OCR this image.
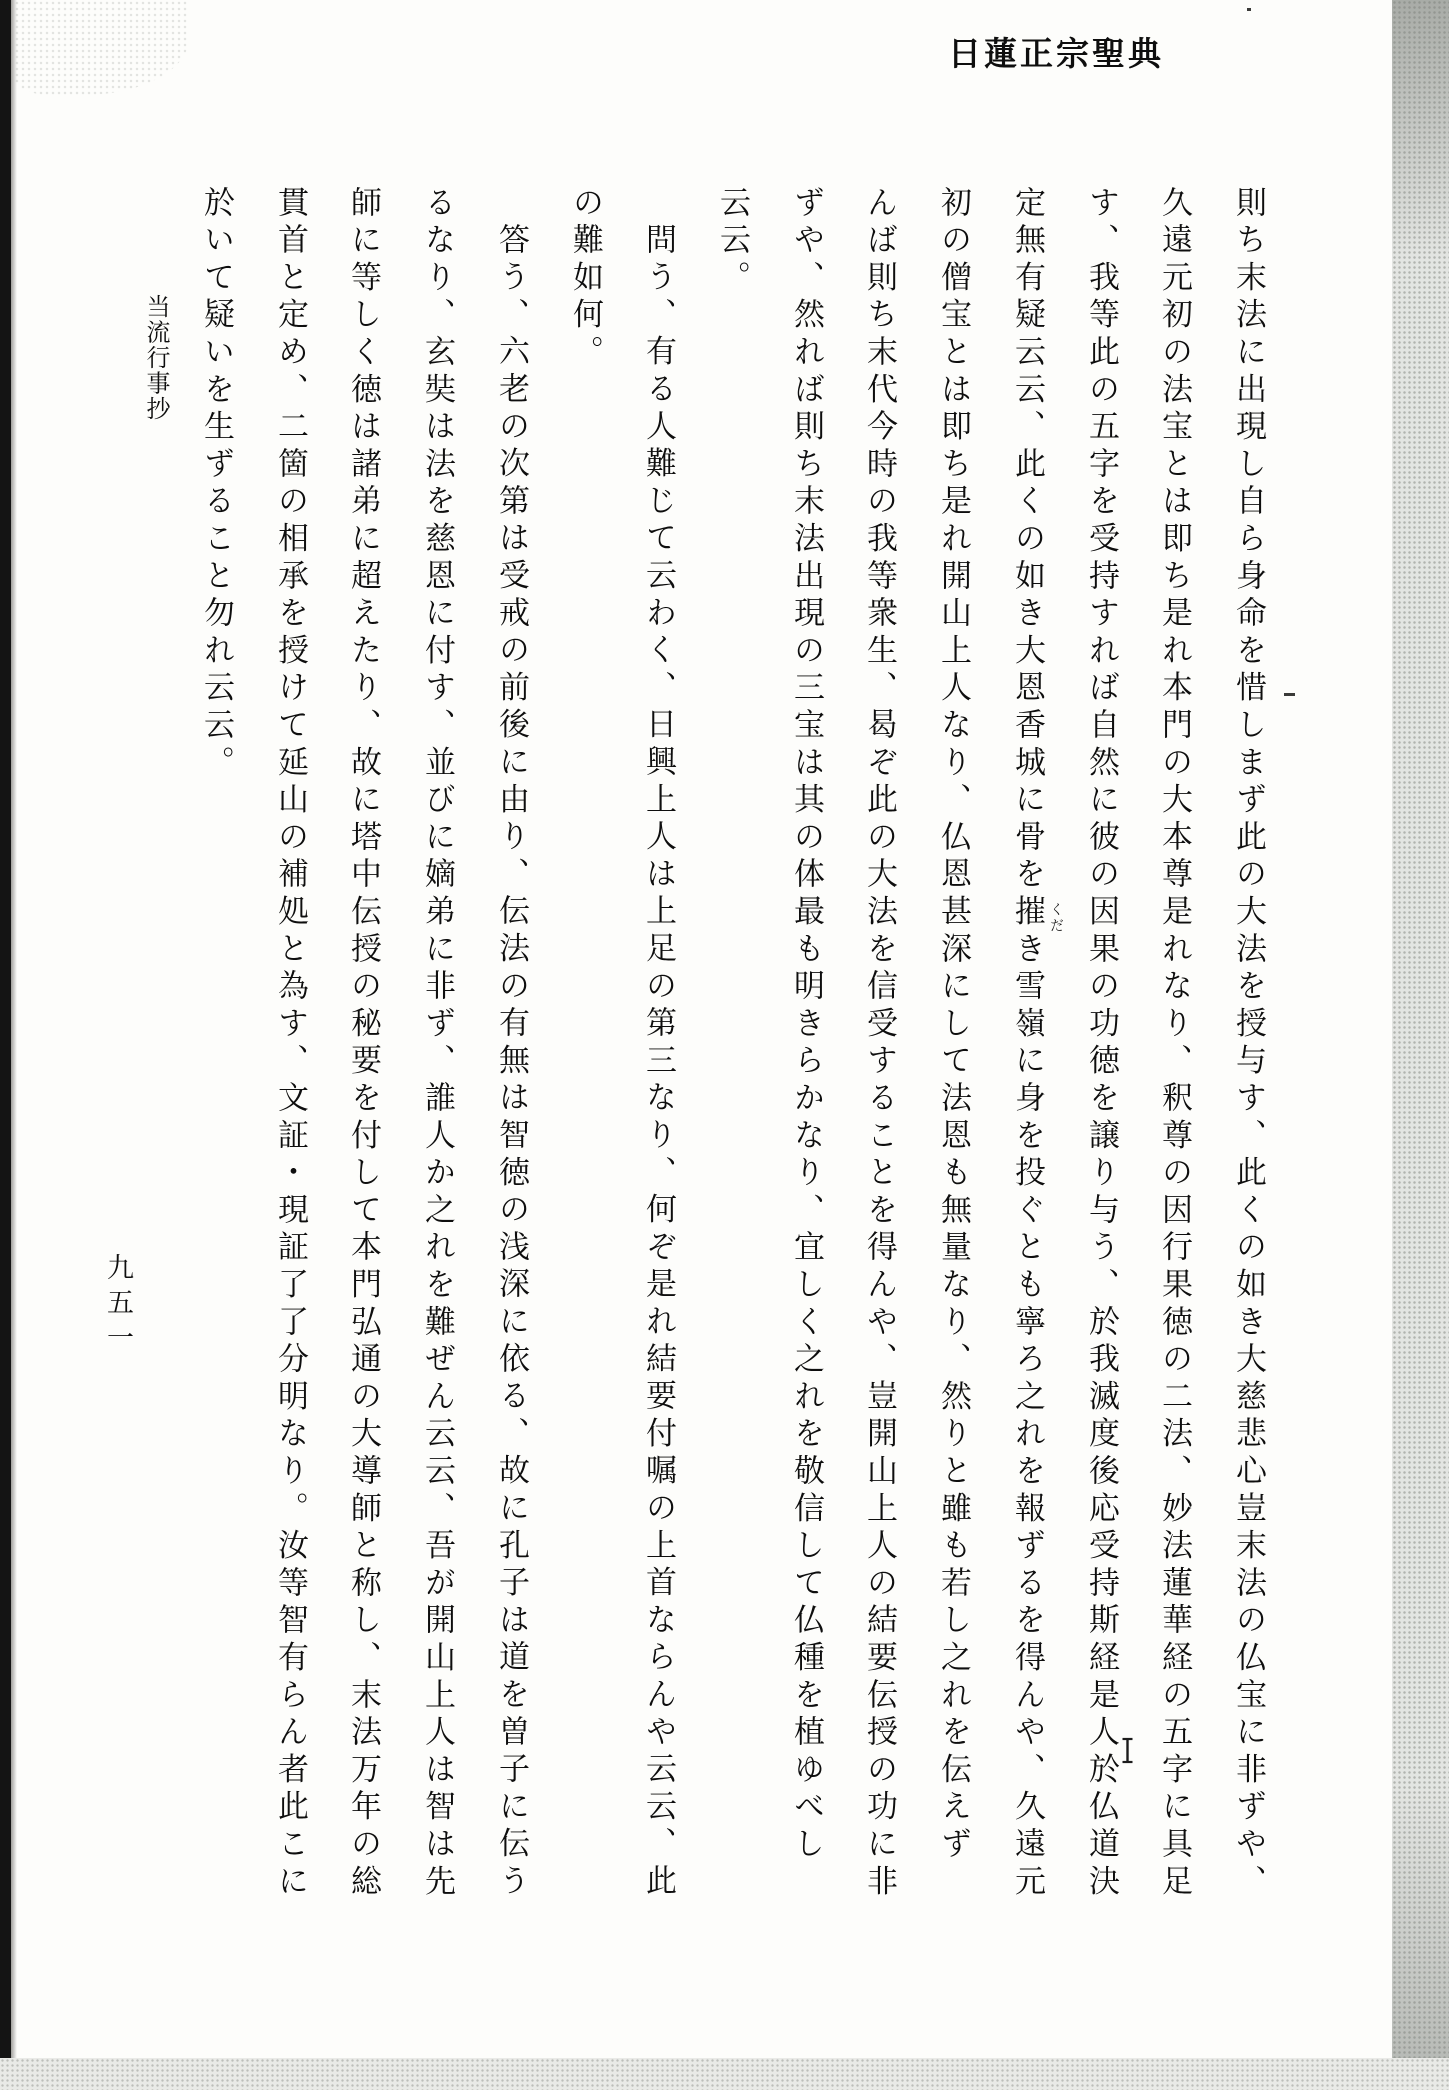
日蓮正宗聖典
則ち末法に出現し自ら身命を惜しまず此の大法を授与す、此くの如き大慈悲心豈末法の仏宝に非ずや、
久遠元初の法宝とは即ち是れ本門の大本尊是れなり、釈尊の因行果徳の二法、妙法蓮華経の五字に具足
す、我等此の五字を受持すれば自然に彼の因果の功徳を譲り与う、於我滅度後応受持斯経是人於仏道決
定無有疑云云、此くの如き大恩香城に骨を摧き雪嶺に身を投ぐとも寧ろ之れを報ずるを得んや、久遠元
初の僧宝とは即ち是れ開山上人なり、仏恩甚深にして法恩も無量なり、然りと雖も若し之れを伝えず
んば則ち末代今時の我等衆生、曷ぞ此の大法を信受することを得んや、豈開山上人の結要伝授の功に非
ずや、然れば則ち末法出現の三宝は其の体最も明きらかなり、宜しく之れを敬信して仏種を植ゆべし
云云。
問う、有る人難じて云わく、日興上人は上足の第三なり、何ぞ是れ結要付嘱の上首ならんや云云、此
の難如何。
答う、六老の次第は受戒の前後に由り、伝法の有無は智徳の浅深に依る、故に孔子は道を曽子に伝う
るなり、玄奘は法を慈恩に付す、並びに嫡弟に非ず、誰人か之れを難ぜん云云、吾が開山上人は智は先
師に等しく徳は諸弟に超えたり、故に塔中伝授の秘要を付して本門弘通の大導師と称し、末法万年の総
貫首と定め、二箇の相承を授けて延山の補処と為す、文証・現証了了分明なり。汝等智有らん者此こに
於いて疑いを生ずること勿れ云云。
くだ
当流行事抄
九五一
